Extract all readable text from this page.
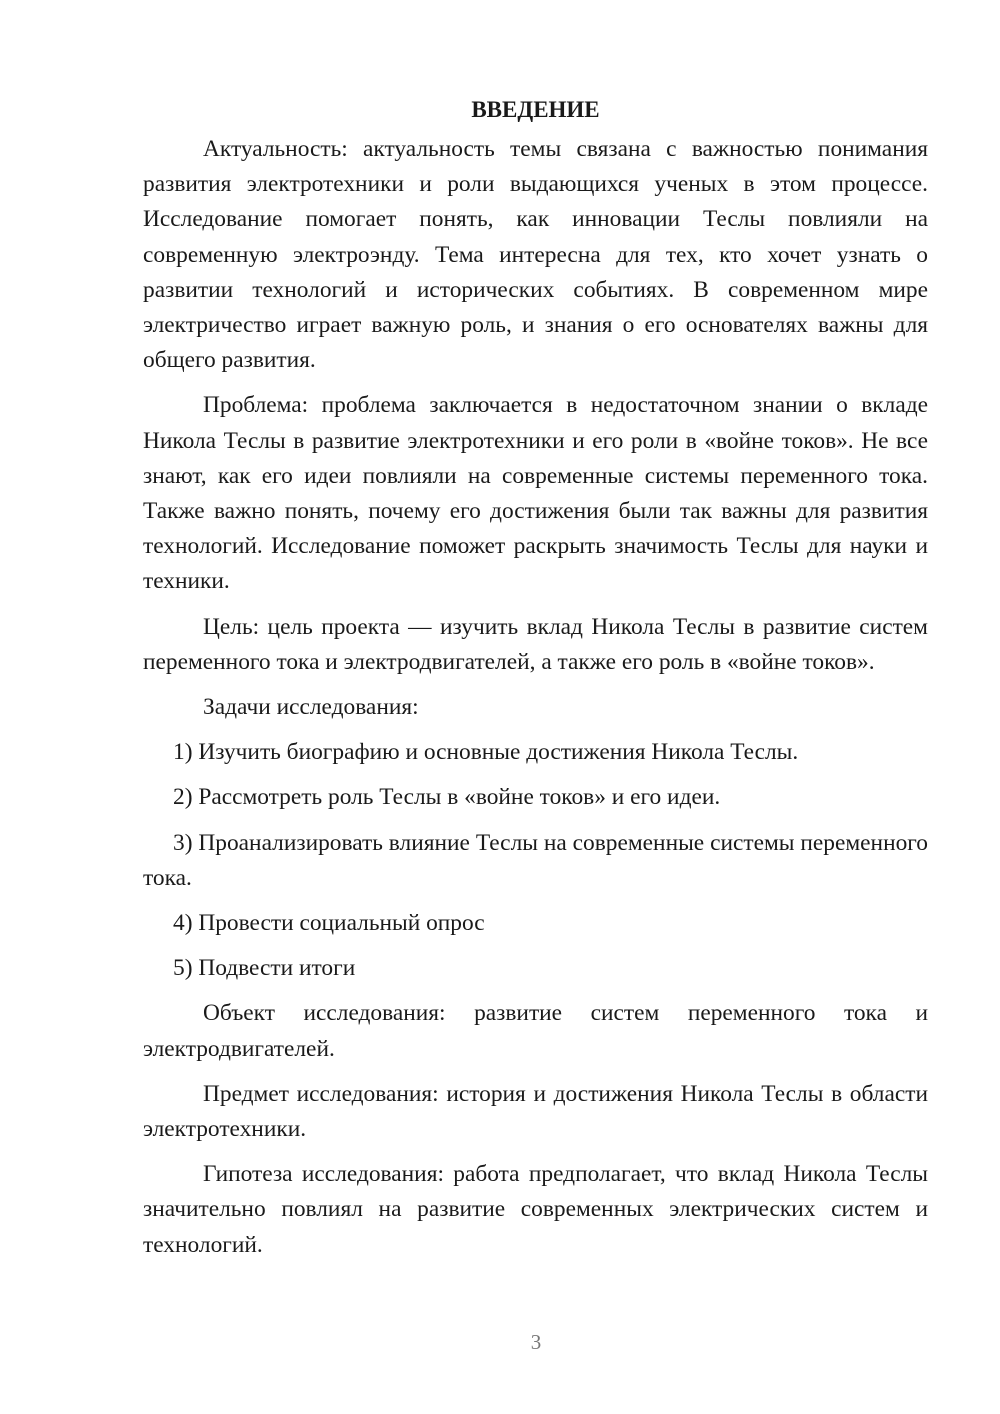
ВВЕДЕНИЕ

Актуальность: актуальность темы связана с важностью понимания развития электротехники и роли выдающихся ученых в этом процессе. Исследование помогает понять, как инновации Теслы повлияли на современную электроэнду. Тема интересна для тех, кто хочет узнать о развитии технологий и исторических событиях. В современном мире электричество играет важную роль, и знания о его основателях важны для общего развития.

Проблема: проблема заключается в недостаточном знании о вкладе Никола Теслы в развитие электротехники и его роли в «войне токов». Не все знают, как его идеи повлияли на современные системы переменного тока. Также важно понять, почему его достижения были так важны для развития технологий. Исследование поможет раскрыть значимость Теслы для науки и техники.

Цель: цель проекта — изучить вклад Никола Теслы в развитие систем переменного тока и электродвигателей, а также его роль в «войне токов».

Задачи исследования:

1) Изучить биографию и основные достижения Никола Теслы.

2) Рассмотреть роль Теслы в «войне токов» и его идеи.

3) Проанализировать влияние Теслы на современные системы переменного тока.

4) Провести социальный опрос

5) Подвести итоги

Объект исследования: развитие систем переменного тока и электродвигателей.

Предмет исследования: история и достижения Никола Теслы в области электротехники.

Гипотеза исследования: работа предполагает, что вклад Никола Теслы значительно повлиял на развитие современных электрических систем и технологий.

3
